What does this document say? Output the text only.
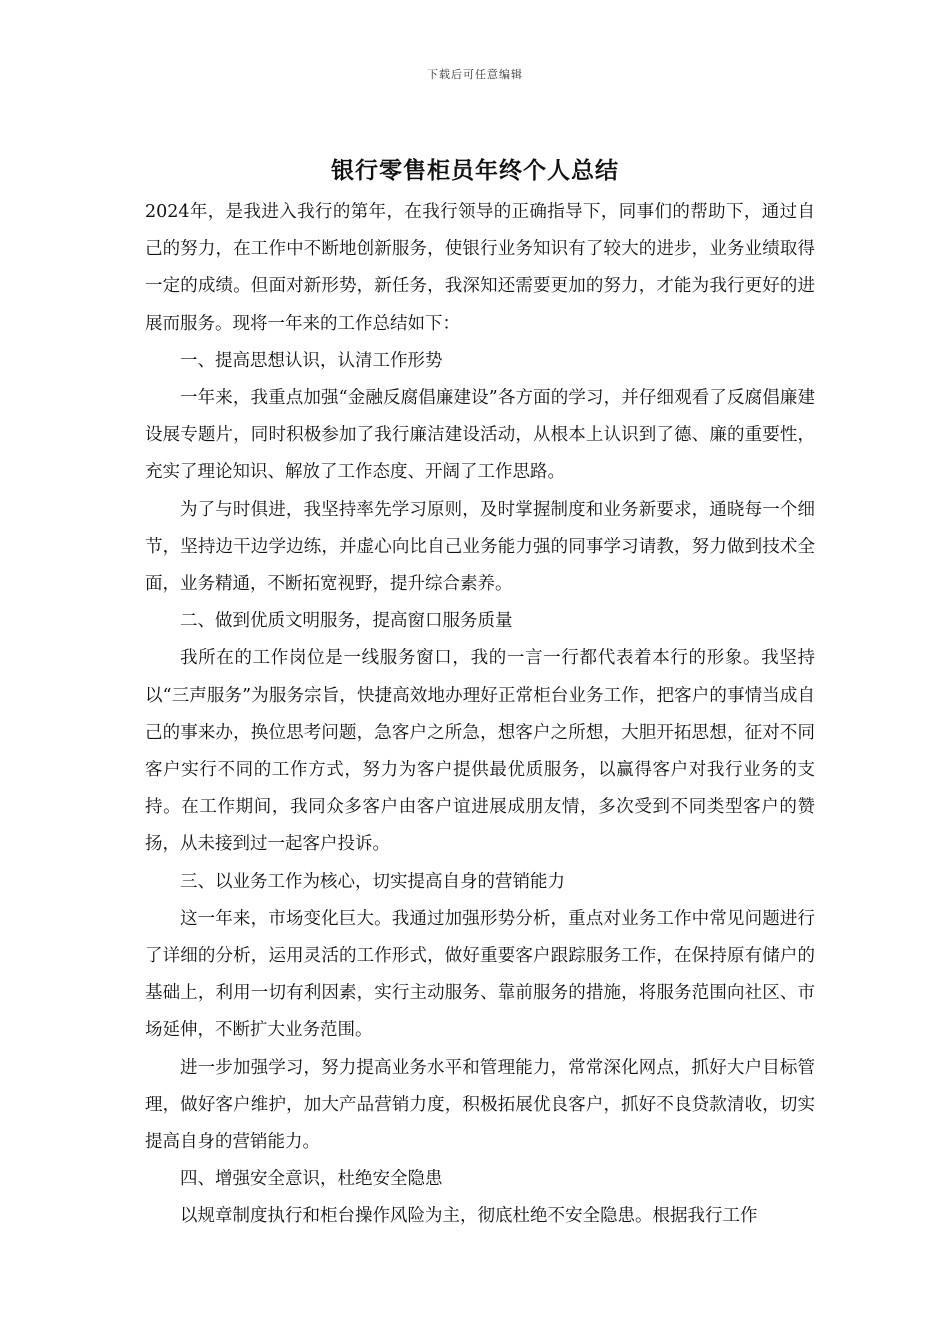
下载后可任意编辑
银行零售柜员年终个人总结

2024年，是我进入我行的第年，在我行领导的正确指导下，同事们的帮助下，通过自己的努力，在工作中不断地创新服务，使银行业务知识有了较大的进步，业务业绩取得一定的成绩。但面对新形势，新任务，我深知还需要更加的努力，才能为我行更好的进展而服务。现将一年来的工作总结如下：

一、提高思想认识，认清工作形势

一年来，我重点加强“金融反腐倡廉建设”各方面的学习，并仔细观看了反腐倡廉建设展专题片，同时积极参加了我行廉洁建设活动，从根本上认识到了德、廉的重要性，充实了理论知识、解放了工作态度、开阔了工作思路。

为了与时俱进，我坚持率先学习原则，及时掌握制度和业务新要求，通晓每一个细节，坚持边干边学边练，并虚心向比自己业务能力强的同事学习请教，努力做到技术全面，业务精通，不断拓宽视野，提升综合素养。

二、做到优质文明服务，提高窗口服务质量

我所在的工作岗位是一线服务窗口，我的一言一行都代表着本行的形象。我坚持以“三声服务”为服务宗旨，快捷高效地办理好正常柜台业务工作，把客户的事情当成自己的事来办，换位思考问题，急客户之所急，想客户之所想，大胆开拓思想，征对不同客户实行不同的工作方式，努力为客户提供最优质服务，以赢得客户对我行业务的支持。在工作期间，我同众多客户由客户谊进展成朋友情，多次受到不同类型客户的赞扬，从未接到过一起客户投诉。

三、以业务工作为核心，切实提高自身的营销能力

这一年来，市场变化巨大。我通过加强形势分析，重点对业务工作中常见问题进行了详细的分析，运用灵活的工作形式，做好重要客户跟踪服务工作，在保持原有储户的基础上，利用一切有利因素，实行主动服务、靠前服务的措施，将服务范围向社区、市场延伸，不断扩大业务范围。

进一步加强学习，努力提高业务水平和管理能力，常常深化网点，抓好大户目标管理，做好客户维护，加大产品营销力度，积极拓展优良客户，抓好不良贷款清收，切实提高自身的营销能力。

四、增强安全意识，杜绝安全隐患

以规章制度执行和柜台操作风险为主，彻底杜绝不安全隐患。根据我行工作
